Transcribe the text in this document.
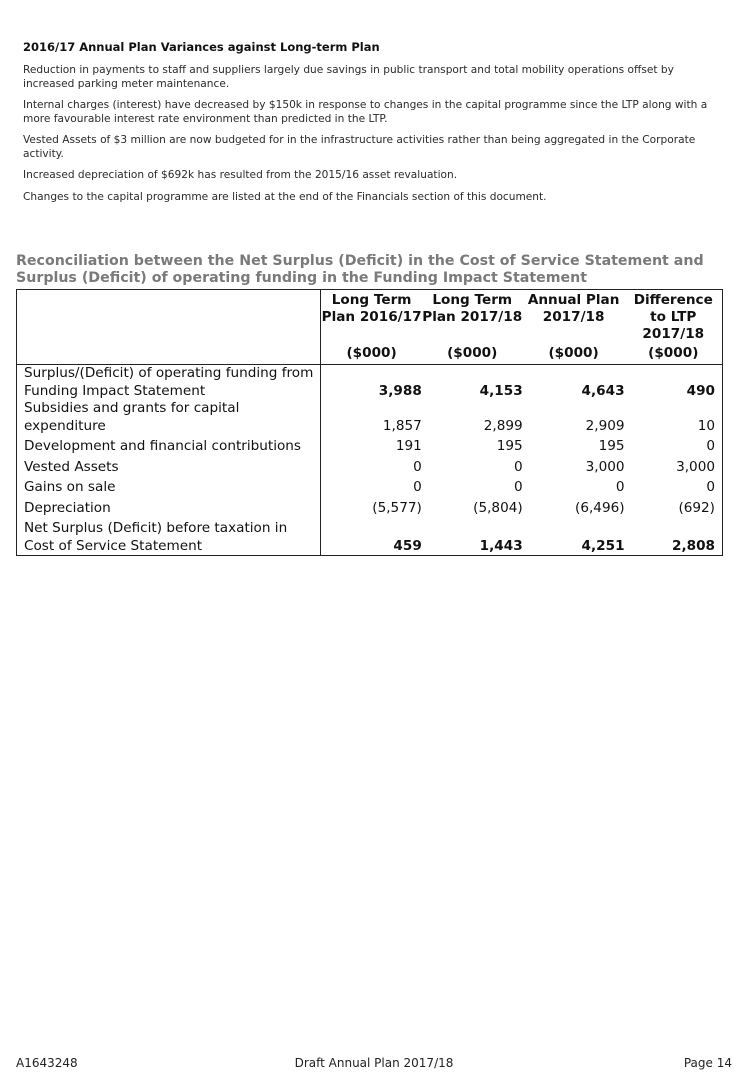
2016/17 Annual Plan Variances against Long-term Plan

Reduction in payments to staff and suppliers largely due savings in public transport and total mobility operations offset by increased parking meter maintenance.

Internal charges (interest) have decreased by $150k in response to changes in the capital programme since the LTP along with a more favourable interest rate environment than predicted in the LTP.

Vested Assets of $3 million are now budgeted for in the infrastructure activities rather than being aggregated in the Corporate activity.

Increased depreciation of $692k has resulted from the 2015/16 asset revaluation.

Changes to the capital programme are listed at the end of the Financials section of this document.

Reconciliation between the Net Surplus (Deficit) in the Cost of Service Statement and Surplus (Deficit) of operating funding in the Funding Impact Statement
	Long Term Plan 2016/17	Long Term Plan 2017/18	Annual Plan 2017/18	Difference to LTP 2017/18
	($000)	($000)	($000)	($000)
Surplus/(Deficit) of operating funding from Funding Impact Statement	3,988	4,153	4,643	490
Subsidies and grants for capital expenditure	1,857	2,899	2,909	10
Development and financial contributions	191	195	195	0
Vested Assets	0	0	3,000	3,000
Gains on sale	0	0	0	0
Depreciation	(5,577)	(5,804)	(6,496)	(692)
Net Surplus (Deficit) before taxation in Cost of Service Statement	459	1,443	4,251	2,808
A1643248	Draft Annual Plan 2017/18	Page 14
